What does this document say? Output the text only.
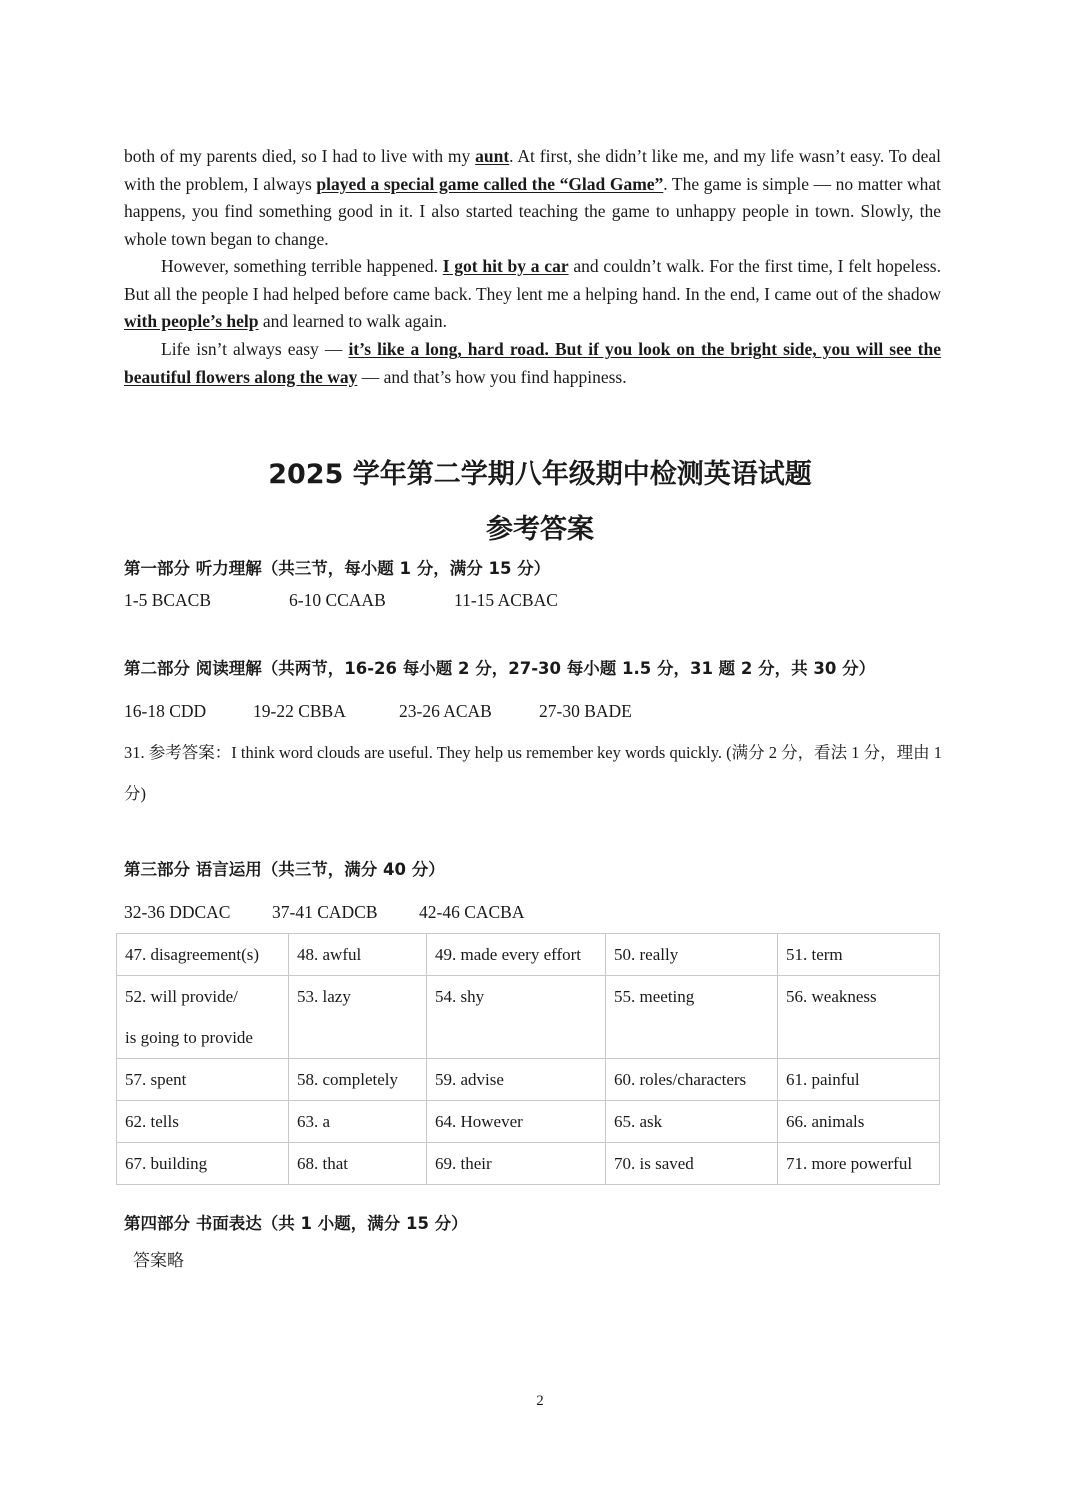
both of my parents died, so I had to live with my aunt. At first, she didn’t like me, and my life wasn’t easy. To deal with the problem, I always played a special game called the “Glad Game”. The game is simple — no matter what happens, you find something good in it. I also started teaching the game to unhappy people in town. Slowly, the whole town began to change.
However, something terrible happened. I got hit by a car and couldn’t walk. For the first time, I felt hopeless. But all the people I had helped before came back. They lent me a helping hand. In the end, I came out of the shadow with people’s help and learned to walk again.
Life isn’t always easy — it’s like a long, hard road. But if you look on the bright side, you will see the beautiful flowers along the way — and that’s how you find happiness.
2025 学年第二学期八年级期中检测英语试题
参考答案
第一部分 听力理解（共三节，每小题 1 分，满分 15 分）
1-5 BCACB	6-10 CCAAB	11-15 ACBAC
第二部分 阅读理解（共两节，16-26 每小题 2 分，27-30 每小题 1.5 分，31 题 2 分，共 30 分）
16-18 CDD	19-22 CBBA	23-26 ACAB	27-30 BADE
31. 参考答案：I think word clouds are useful. They help us remember key words quickly. (满分 2 分，看法 1 分，理由 1 分)
第三部分 语言运用（共三节，满分 40 分）
32-36 DDCAC 37-41 CADCB 42-46 CACBA
47. disagreement(s)	48. awful	49. made every effort	50. really	51. term
52. will provide/	53. lazy	54. shy	55. meeting	56. weakness
is going to provide				
57. spent	58. completely	59. advise	60. roles/characters	61. painful
62. tells	63. a	64. However	65. ask	66. animals
67. building	68. that	69. their	70. is saved	71. more powerful
第四部分 书面表达（共 1 小题，满分 15 分）
答案略
2
